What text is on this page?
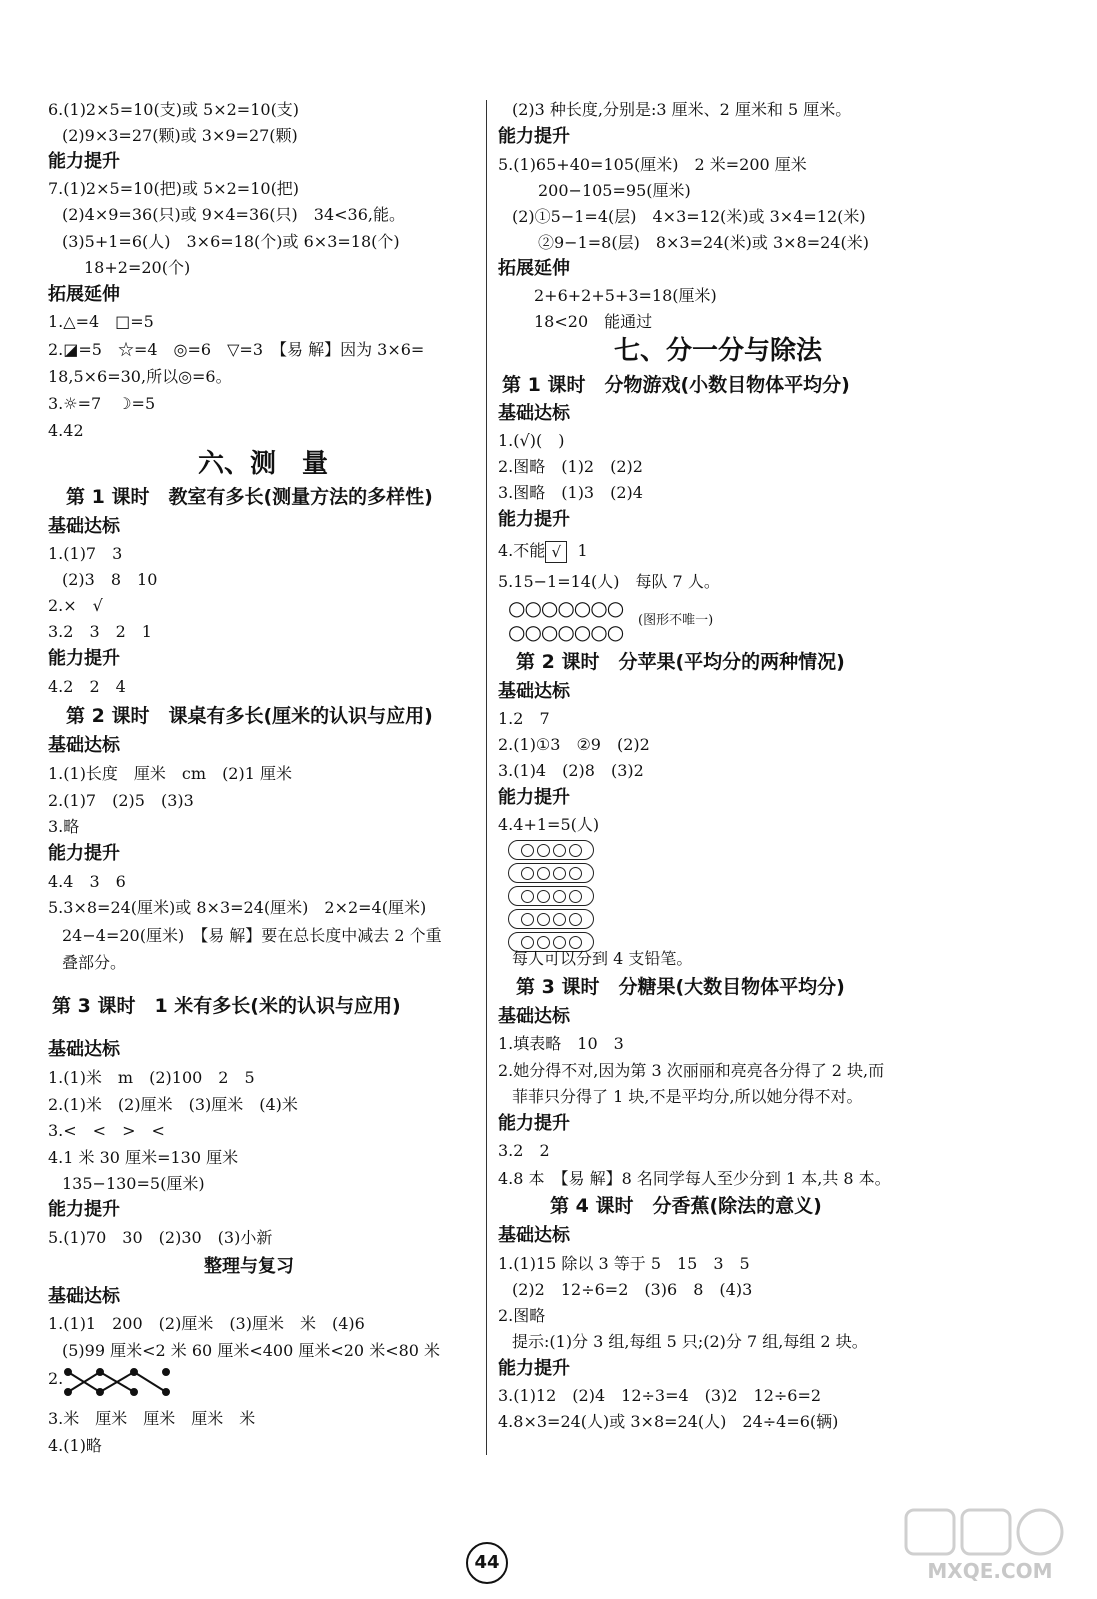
6.(1)2×5=10(支)或 5×2=10(支)
(2)9×3=27(颗)或 3×9=27(颗)
能力提升
7.(1)2×5=10(把)或 5×2=10(把)
(2)4×9=36(只)或 9×4=36(只)　34<36,能。
(3)5+1=6(人)　3×6=18(个)或 6×3=18(个)
18+2=20(个)
拓展延伸
1.△=4　□=5
2.◪=5　☆=4　◎=6　▽=3　【易 解】因为 3×6=
18,5×6=30,所以◎=6。
3.☼=7　☽=5
4.42
六、测　量
第 1 课时　教室有多长(测量方法的多样性)
基础达标
1.(1)7　3
(2)3　8　10
2.×　√
3.2　3　2　1
能力提升
4.2　2　4
第 2 课时　课桌有多长(厘米的认识与应用)
基础达标
1.(1)长度　厘米　cm　(2)1 厘米
2.(1)7　(2)5　(3)3
3.略
能力提升
4.4　3　6
5.3×8=24(厘米)或 8×3=24(厘米)　2×2=4(厘米)
24−4=20(厘米)　【易 解】要在总长度中减去 2 个重
叠部分。
第 3 课时　1 米有多长(米的认识与应用)
基础达标
1.(1)米　m　(2)100　2　5
2.(1)米　(2)厘米　(3)厘米　(4)米
3.<　<　>　<
4.1 米 30 厘米=130 厘米
135−130=5(厘米)
能力提升
5.(1)70　30　(2)30　(3)小新
整理与复习
基础达标
1.(1)1　200　(2)厘米　(3)厘米　米　(4)6
(5)99 厘米<2 米 60 厘米<400 厘米<20 米<80 米
2.
3.米　厘米　厘米　厘米　米
4.(1)略
(2)3 种长度,分别是:3 厘米、2 厘米和 5 厘米。
能力提升
5.(1)65+40=105(厘米)　2 米=200 厘米
200−105=95(厘米)
(2)①5−1=4(层)　4×3=12(米)或 3×4=12(米)
②9−1=8(层)　8×3=24(米)或 3×8=24(米)
拓展延伸
2+6+2+5+3=18(厘米)
18<20　能通过
七、分一分与除法
第 1 课时　分物游戏(小数目物体平均分)
基础达标
1.(√)(　)
2.图略　(1)2　(2)2
3.图略　(1)3　(2)4
能力提升
4.不能 √ 1
5.15−1=14(人)　每队 7 人。
○○○○○○○
○○○○○○○ (图形不唯一)
第 2 课时　分苹果(平均分的两种情况)
基础达标
1.2　7
2.(1)①3　②9　(2)2
3.(1)4　(2)8　(3)2
能力提升
4.4+1=5(人)
每人可以分到 4 支铅笔。
第 3 课时　分糖果(大数目物体平均分)
基础达标
1.填表略　10　3
2.她分得不对,因为第 3 次丽丽和亮亮各分得了 2 块,而
菲菲只分得了 1 块,不是平均分,所以她分得不对。
能力提升
3.2　2
4.8 本　【易 解】8 名同学每人至少分到 1 本,共 8 本。
第 4 课时　分香蕉(除法的意义)
基础达标
1.(1)15 除以 3 等于 5　15　3　5
(2)2　12÷6=2　(3)6　8　(4)3
2.图略
提示:(1)分 3 组,每组 5 只;(2)分 7 组,每组 2 块。
能力提升
3.(1)12　(2)4　12÷3=4　(3)2　12÷6=2
4.8×3=24(人)或 3×8=24(人)　24÷4=6(辆)
44	MXQE.COM
